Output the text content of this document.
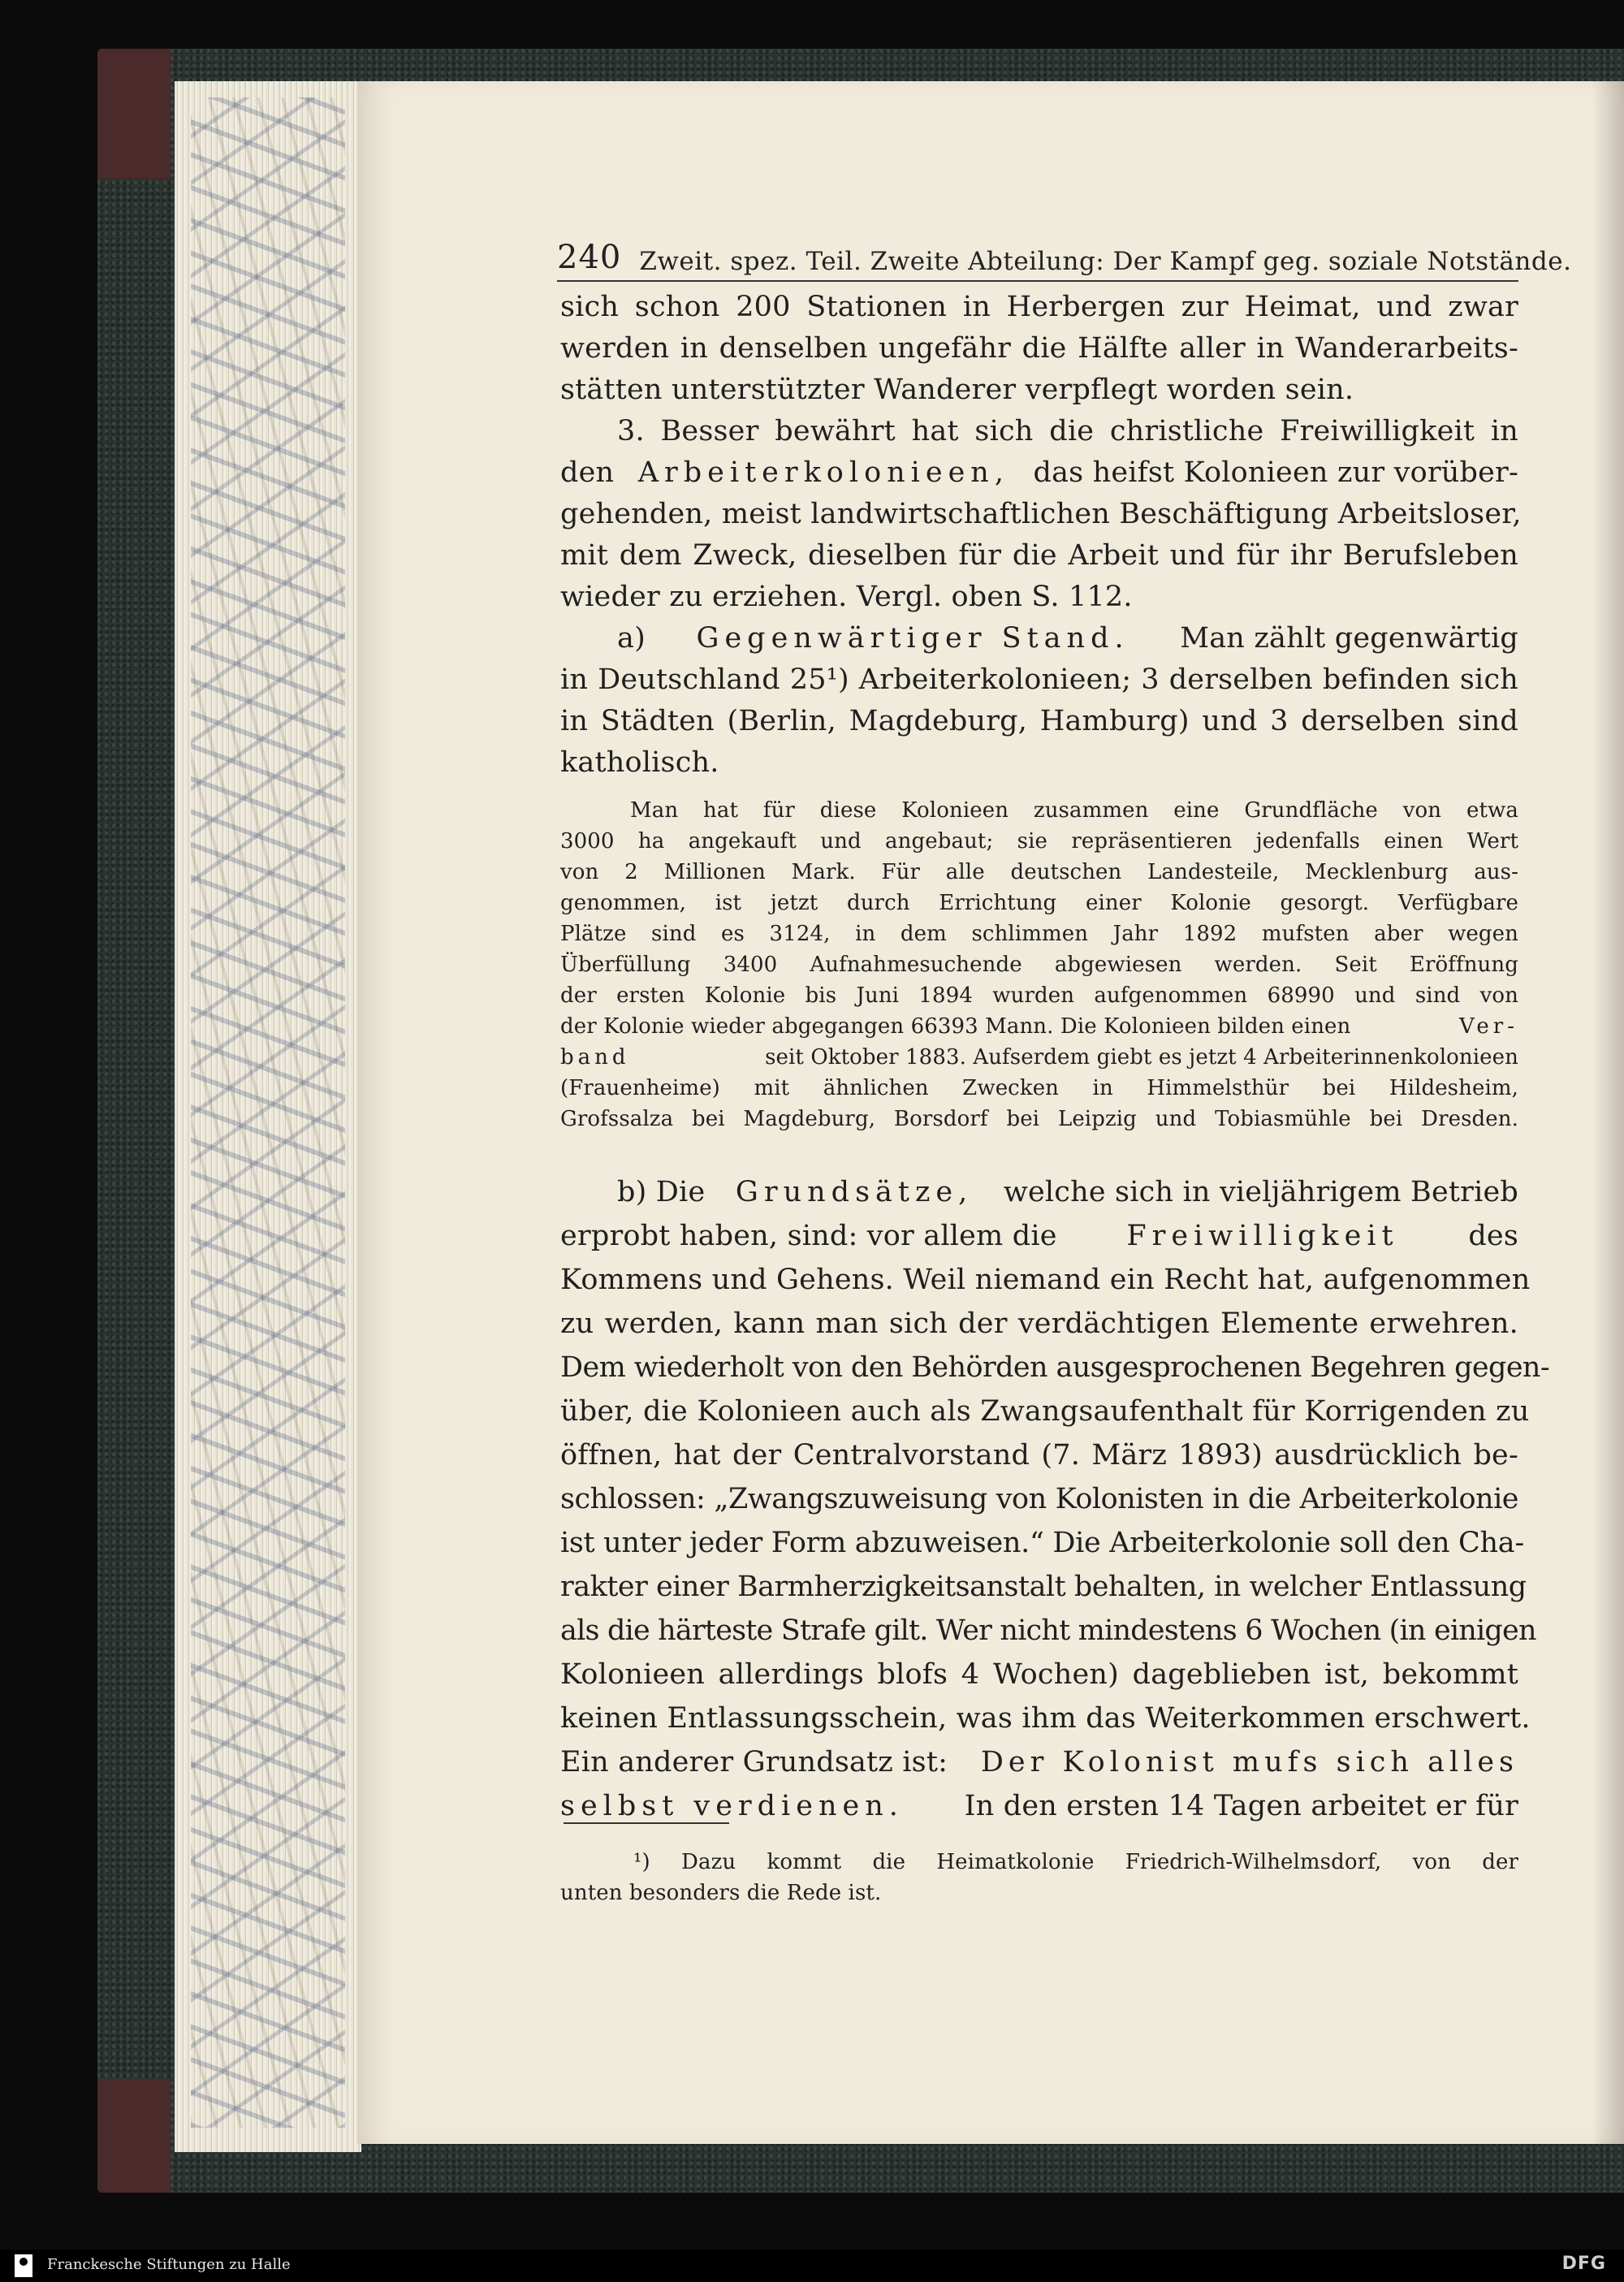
240 Zweit. spez. Teil. Zweite Abteilung: Der Kampf geg. soziale Notstände.
sich schon 200 Stationen in Herbergen zur Heimat, und zwar
werden in denselben ungefähr die Hälfte aller in Wanderarbeits-
stätten unterstützter Wanderer verpflegt worden sein.
3. Besser bewährt hat sich die christliche Freiwilligkeit in
den Arbeiterkolonieen, das heifst Kolonieen zur vorüber-
gehenden, meist landwirtschaftlichen Beschäftigung Arbeitsloser,
mit dem Zweck, dieselben für die Arbeit und für ihr Berufsleben
wieder zu erziehen. Vergl. oben S. 112.
a) Gegenwärtiger Stand. Man zählt gegenwärtig
in Deutschland 25¹) Arbeiterkolonieen; 3 derselben befinden sich
in Städten (Berlin, Magdeburg, Hamburg) und 3 derselben sind
katholisch.
Man hat für diese Kolonieen zusammen eine Grundfläche von etwa
3000 ha angekauft und angebaut; sie repräsentieren jedenfalls einen Wert
von 2 Millionen Mark. Für alle deutschen Landesteile, Mecklenburg aus-
genommen, ist jetzt durch Errichtung einer Kolonie gesorgt. Verfügbare
Plätze sind es 3124, in dem schlimmen Jahr 1892 mufsten aber wegen
Überfüllung 3400 Aufnahmesuchende abgewiesen werden. Seit Eröffnung
der ersten Kolonie bis Juni 1894 wurden aufgenommen 68990 und sind von
der Kolonie wieder abgegangen 66393 Mann. Die Kolonieen bilden einen	Ver-
band	seit Oktober 1883. Aufserdem giebt es jetzt 4 Arbeiterinnenkolonieen
(Frauenheime) mit ähnlichen Zwecken in Himmelsthür bei Hildesheim,
Grofssalza bei Magdeburg, Borsdorf bei Leipzig und Tobiasmühle bei Dresden.
b) Die Grundsätze, welche sich in vieljährigem Betrieb
erprobt haben, sind: vor allem die Freiwilligkeit des
Kommens und Gehens. Weil niemand ein Recht hat, aufgenommen
zu werden, kann man sich der verdächtigen Elemente erwehren.
Dem wiederholt von den Behörden ausgesprochenen Begehren gegen-
über, die Kolonieen auch als Zwangsaufenthalt für Korrigenden zu
öffnen, hat der Centralvorstand (7. März 1893) ausdrücklich be-
schlossen: „Zwangszuweisung von Kolonisten in die Arbeiterkolonie
ist unter jeder Form abzuweisen.“ Die Arbeiterkolonie soll den Cha-
rakter einer Barmherzigkeitsanstalt behalten, in welcher Entlassung
als die härteste Strafe gilt. Wer nicht mindestens 6 Wochen (in einigen
Kolonieen allerdings blofs 4 Wochen) dageblieben ist, bekommt
keinen Entlassungsschein, was ihm das Weiterkommen erschwert.
Ein anderer Grundsatz ist: Der Kolonist mufs sich alles
selbst verdienen. In den ersten 14 Tagen arbeitet er für
¹) Dazu kommt die Heimatkolonie Friedrich-Wilhelmsdorf, von der
unten besonders die Rede ist.
Franckesche Stiftungen zu Halle	DFG
